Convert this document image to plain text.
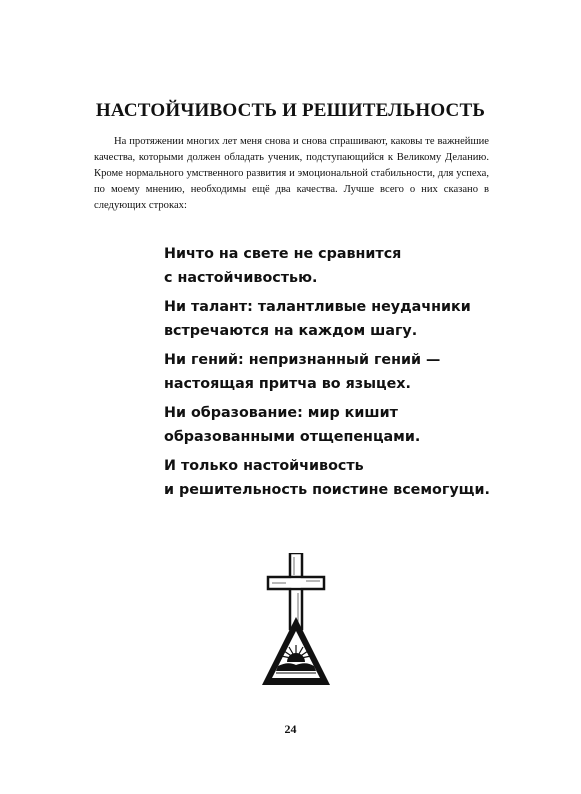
НАСТОЙЧИВОСТЬ И РЕШИТЕЛЬНОСТЬ

На протяжении многих лет меня снова и снова спрашивают, каковы те важнейшие качества, которыми должен обладать ученик, подступающийся к Великому Деланию. Кроме нормального умственного развития и эмоциональной стабильности, для успеха, по моему мнению, необходимы ещё два качества. Лучше всего о них сказано в следующих строках:

Ничто на свете не сравнится
с настойчивостью.
Ни талант: талантливые неудачники
встречаются на каждом шагу.
Ни гений: непризнанный гений —
настоящая притча во языцех.
Ни образование: мир кишит
образованными отщепенцами.
И только настойчивость
и решительность поистине всемогущи.
24
